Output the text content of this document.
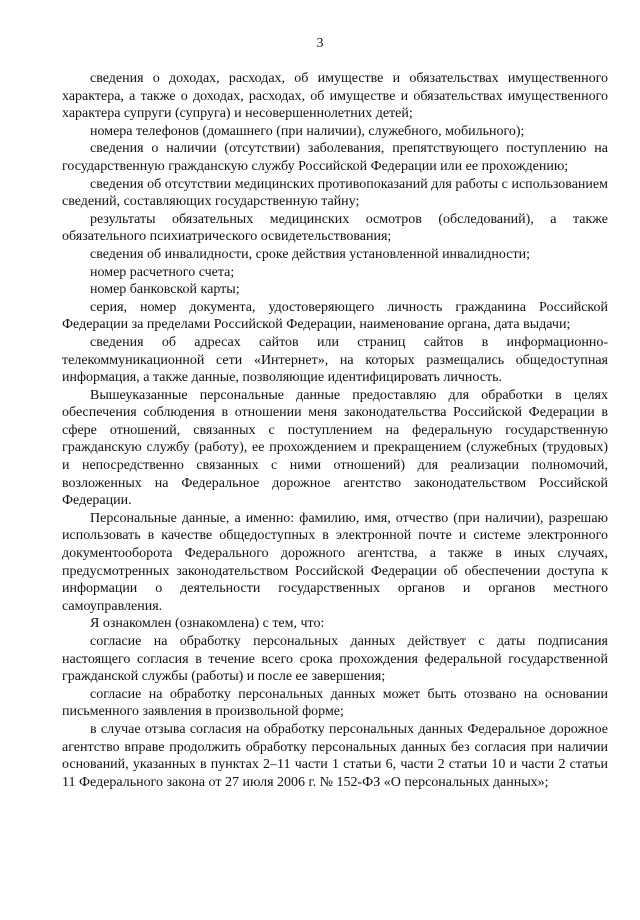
3

сведения о доходах, расходах, об имуществе и обязательствах имущественного характера, а также о доходах, расходах, об имуществе и обязательствах имущественного характера супруги (супруга) и несовершеннолетних детей;

номера телефонов (домашнего (при наличии), служебного, мобильного);

сведения о наличии (отсутствии) заболевания, препятствующего поступлению на государственную гражданскую службу Российской Федерации или ее прохождению;

сведения об отсутствии медицинских противопоказаний для работы с использованием сведений, составляющих государственную тайну;

результаты обязательных медицинских осмотров (обследований), а также обязательного психиатрического освидетельствования;

сведения об инвалидности, сроке действия установленной инвалидности;

номер расчетного счета;

номер банковской карты;

серия, номер документа, удостоверяющего личность гражданина Российской Федерации за пределами Российской Федерации, наименование органа, дата выдачи;

сведения об адресах сайтов или страниц сайтов в информационно-телекоммуникационной сети «Интернет», на которых размещались общедоступная информация, а также данные, позволяющие идентифицировать личность.

Вышеуказанные персональные данные предоставляю для обработки в целях обеспечения соблюдения в отношении меня законодательства Российской Федерации в сфере отношений, связанных с поступлением на федеральную государственную гражданскую службу (работу), ее прохождением и прекращением (служебных (трудовых) и непосредственно связанных с ними отношений) для реализации полномочий, возложенных на Федеральное дорожное агентство законодательством Российской Федерации.

Персональные данные, а именно: фамилию, имя, отчество (при наличии), разрешаю использовать в качестве общедоступных в электронной почте и системе электронного документооборота Федерального дорожного агентства, а также в иных случаях, предусмотренных законодательством Российской Федерации об обеспечении доступа к информации о деятельности государственных органов и органов местного самоуправления.

Я ознакомлен (ознакомлена) с тем, что:

согласие на обработку персональных данных действует с даты подписания настоящего согласия в течение всего срока прохождения федеральной государственной гражданской службы (работы) и после ее завершения;

согласие на обработку персональных данных может быть отозвано на основании письменного заявления в произвольной форме;

в случае отзыва согласия на обработку персональных данных Федеральное дорожное агентство вправе продолжить обработку персональных данных без согласия при наличии оснований, указанных в пунктах 2–11 части 1 статьи 6, части 2 статьи 10 и части 2 статьи 11 Федерального закона от 27 июля 2006 г. № 152-ФЗ «О персональных данных»;
